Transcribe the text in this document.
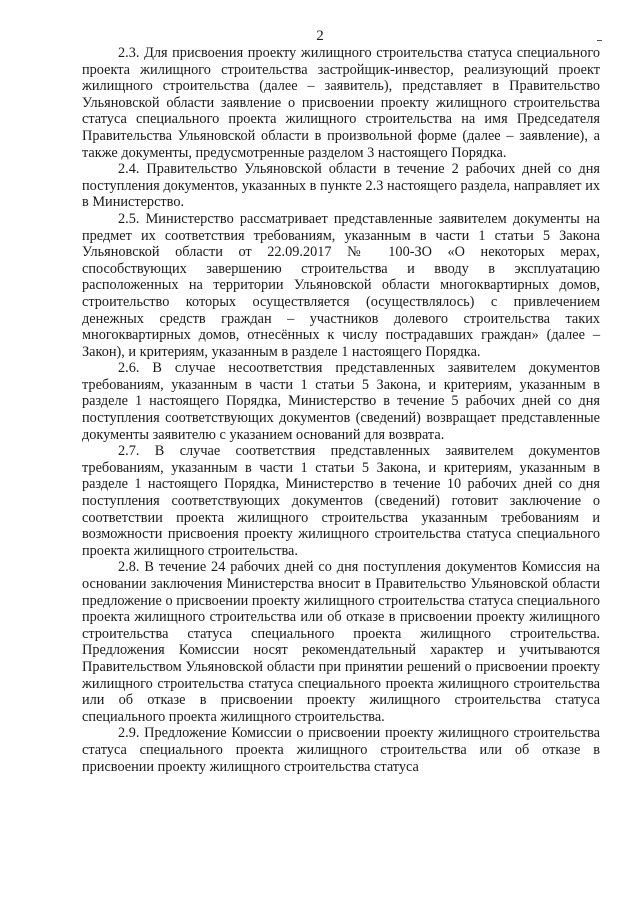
2

2.3. Для присвоения проекту жилищного строительства статуса специального проекта жилищного строительства застройщик-инвестор, реализующий проект жилищного строительства (далее – заявитель), представляет в Правительство Ульяновской области заявление о присвоении проекту жилищного строительства статуса специального проекта жилищного строительства на имя Председателя Правительства Ульяновской области в произвольной форме (далее – заявление), а также документы, предусмотренные разделом 3 настоящего Порядка.

2.4. Правительство Ульяновской области в течение 2 рабочих дней со дня поступления документов, указанных в пункте 2.3 настоящего раздела, направляет их в Министерство.

2.5. Министерство рассматривает представленные заявителем документы на предмет их соответствия требованиям, указанным в части 1 статьи 5 Закона Ульяновской области от 22.09.2017 № 100-ЗО «О некоторых мерах, способствующих завершению строительства и вводу в эксплуатацию расположенных на территории Ульяновской области многоквартирных домов, строительство которых осуществляется (осуществлялось) с привлечением денежных средств граждан – участников долевого строительства таких многоквартирных домов, отнесённых к числу пострадавших граждан» (далее – Закон), и критериям, указанным в разделе 1 настоящего Порядка.

2.6. В случае несоответствия представленных заявителем документов требованиям, указанным в части 1 статьи 5 Закона, и критериям, указанным в разделе 1 настоящего Порядка, Министерство в течение 5 рабочих дней со дня поступления соответствующих документов (сведений) возвращает представленные документы заявителю с указанием оснований для возврата.

2.7. В случае соответствия представленных заявителем документов требованиям, указанным в части 1 статьи 5 Закона, и критериям, указанным в разделе 1 настоящего Порядка, Министерство в течение 10 рабочих дней со дня поступления соответствующих документов (сведений) готовит заключение о соответствии проекта жилищного строительства указанным требованиям и возможности присвоения проекту жилищного строительства статуса специального проекта жилищного строительства.

2.8. В течение 24 рабочих дней со дня поступления документов Комиссия на основании заключения Министерства вносит в Правительство Ульяновской области предложение о присвоении проекту жилищного строительства статуса специального проекта жилищного строительства или об отказе в присвоении проекту жилищного строительства статуса специального проекта жилищного строительства. Предложения Комиссии носят рекомендательный характер и учитываются Правительством Ульяновской области при принятии решений о присвоении проекту жилищного строительства статуса специального проекта жилищного строительства или об отказе в присвоении проекту жилищного строительства статуса специального проекта жилищного строительства.

2.9. Предложение Комиссии о присвоении проекту жилищного строительства статуса специального проекта жилищного строительства или об отказе в присвоении проекту жилищного строительства статуса
